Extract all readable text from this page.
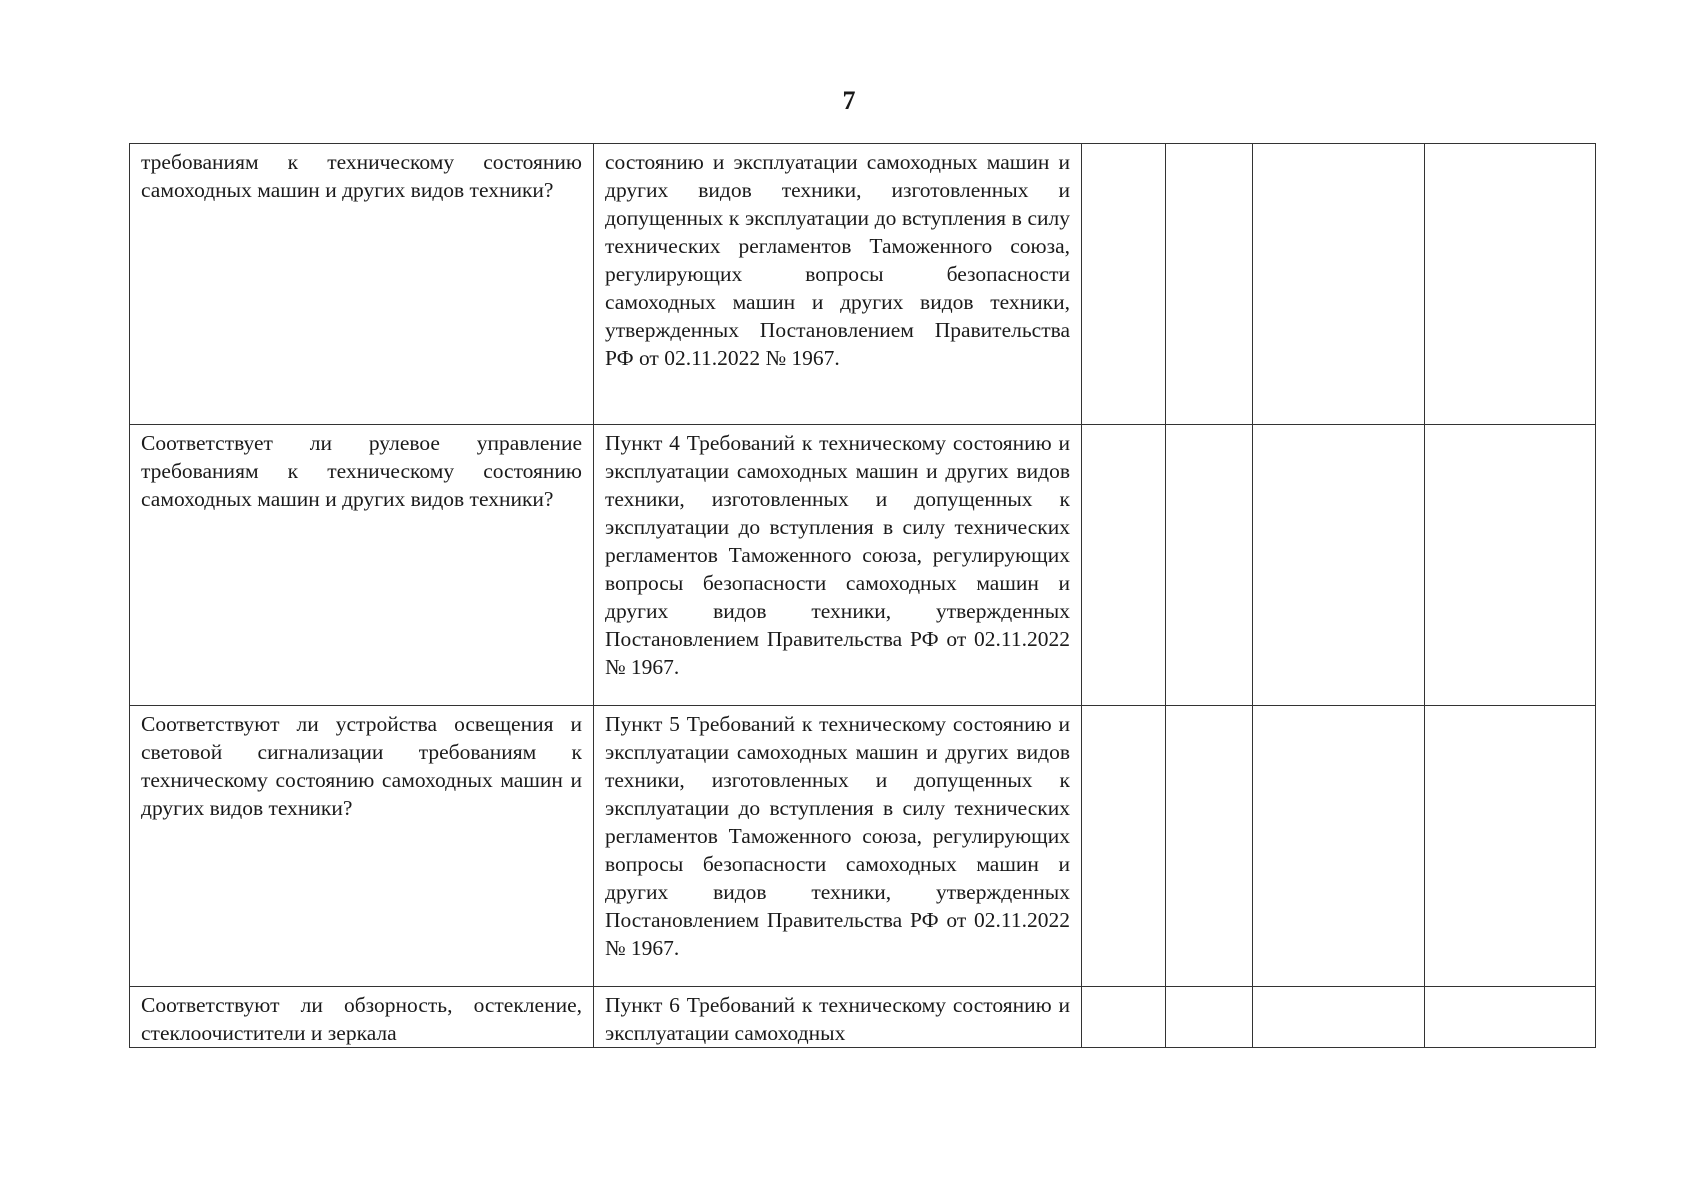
7
требованиям к техническому состоянию самоходных машин и других видов техники?	состоянию и эксплуатации самоходных машин и других видов техники, изготовленных и допущенных к эксплуатации до вступления в силу технических регламентов Таможенного союза, регулирующих вопросы безопасности самоходных машин и других видов техники, утвержденных Постановлением Правительства РФ от 02.11.2022 № 1967.				

Соответствует ли рулевое управление требованиям к техническому состоянию самоходных машин и других видов техники?	Пункт 4 Требований к техническому состоянию и эксплуатации самоходных машин и других видов техники, изготовленных и допущенных к эксплуатации до вступления в силу технических регламентов Таможенного союза, регулирующих вопросы безопасности самоходных машин и других видов техники, утвержденных Постановлением Правительства РФ от 02.11.2022 № 1967.				

Соответствуют ли устройства освещения и световой сигнализации требованиям к техническому состоянию самоходных машин и других видов техники?	Пункт 5 Требований к техническому состоянию и эксплуатации самоходных машин и других видов техники, изготовленных и допущенных к эксплуатации до вступления в силу технических регламентов Таможенного союза, регулирующих вопросы безопасности самоходных машин и других видов техники, утвержденных Постановлением Правительства РФ от 02.11.2022 № 1967.				

Соответствуют ли обзорность, остекление, стеклоочистители и зеркала	Пункт 6 Требований к техническому состоянию и эксплуатации самоходных				
